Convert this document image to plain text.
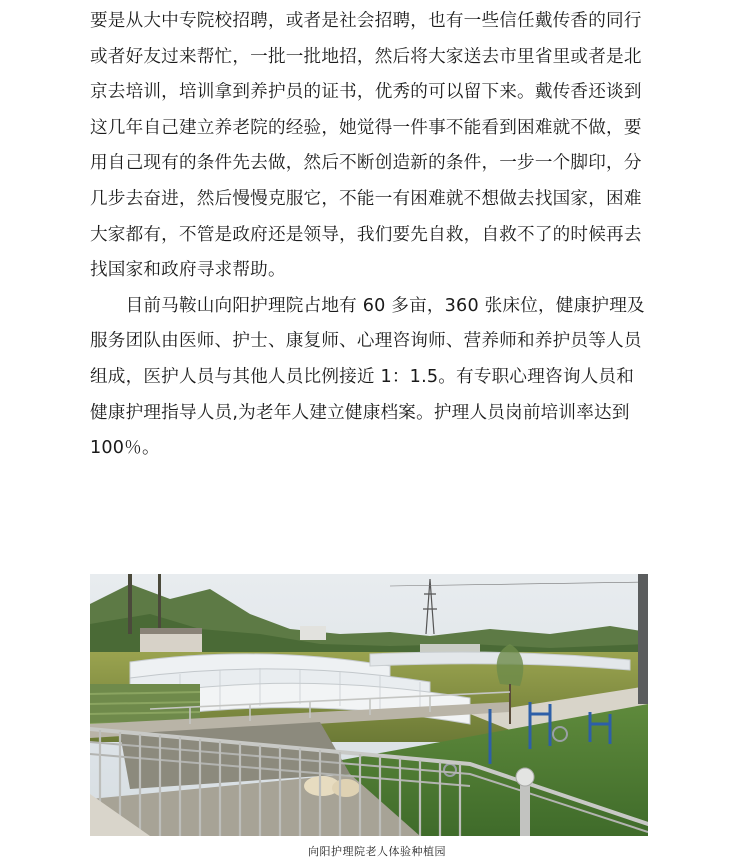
要是从大中专院校招聘，或者是社会招聘，也有一些信任戴传香的同行
或者好友过来帮忙，一批一批地招，然后将大家送去市里省里或者是北
京去培训，培训拿到养护员的证书，优秀的可以留下来。戴传香还谈到
这几年自己建立养老院的经验，她觉得一件事不能看到困难就不做，要
用自己现有的条件先去做，然后不断创造新的条件，一步一个脚印，分
几步去奋进，然后慢慢克服它，不能一有困难就不想做去找国家，困难
大家都有，不管是政府还是领导，我们要先自救，自救不了的时候再去
找国家和政府寻求帮助。
　　目前马鞍山向阳护理院占地有 60 多亩，360 张床位，健康护理及
服务团队由医师、护士、康复师、心理咨询师、营养师和养护员等人员
组成，医护人员与其他人员比例接近 1：1.5。有专职心理咨询人员和
健康护理指导人员,为老年人建立健康档案。护理人员岗前培训率达到
100％。
向阳护理院老人体验种植园
